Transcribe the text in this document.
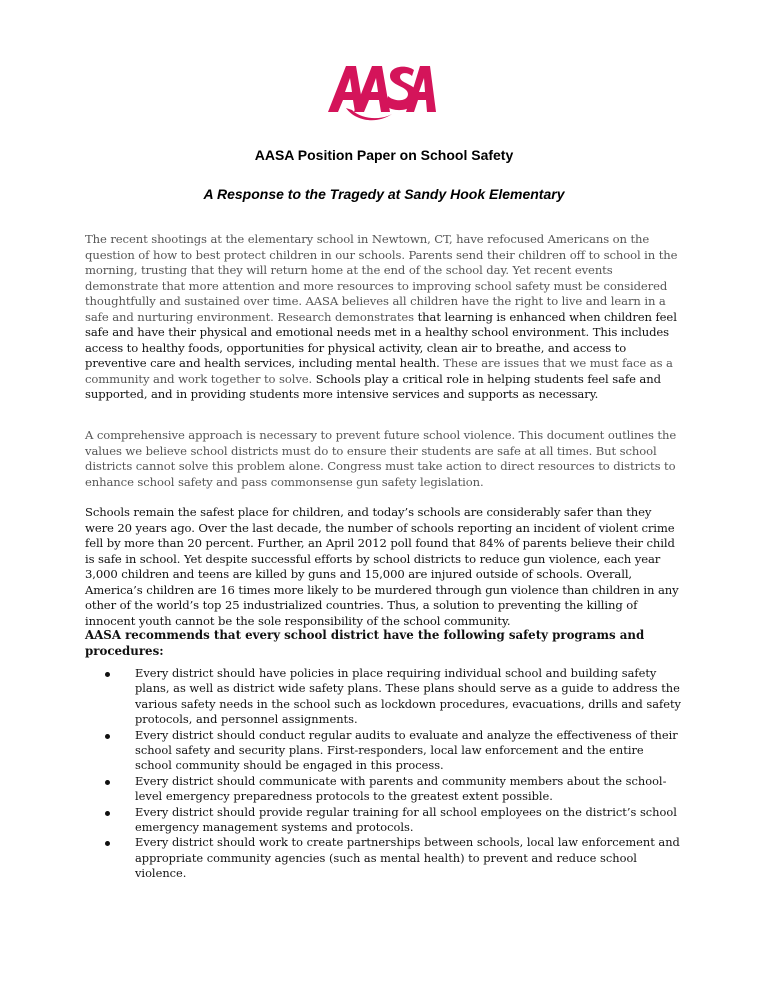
AASA Position Paper on School Safety
A Response to the Tragedy at Sandy Hook Elementary

The recent shootings at the elementary school in Newtown, CT, have refocused Americans on the question of how to best protect children in our schools. Parents send their children off to school in the morning, trusting that they will return home at the end of the school day. Yet recent events demonstrate that more attention and more resources to improving school safety must be considered thoughtfully and sustained over time. AASA believes all children have the right to live and learn in a safe and nurturing environment. Research demonstrates that learning is enhanced when children feel safe and have their physical and emotional needs met in a healthy school environment. This includes access to healthy foods, opportunities for physical activity, clean air to breathe, and access to preventive care and health services, including mental health. These are issues that we must face as a community and work together to solve. Schools play a critical role in helping students feel safe and supported, and in providing students more intensive services and supports as necessary.

A comprehensive approach is necessary to prevent future school violence. This document outlines the values we believe school districts must do to ensure their students are safe at all times. But school districts cannot solve this problem alone. Congress must take action to direct resources to districts to enhance school safety and pass commonsense gun safety legislation.

Schools remain the safest place for children, and today’s schools are considerably safer than they were 20 years ago. Over the last decade, the number of schools reporting an incident of violent crime fell by more than 20 percent. Further, an April 2012 poll found that 84% of parents believe their child is safe in school. Yet despite successful efforts by school districts to reduce gun violence, each year 3,000 children and teens are killed by guns and 15,000 are injured outside of schools. Overall, America’s children are 16 times more likely to be murdered through gun violence than children in any other of the world’s top 25 industrialized countries. Thus, a solution to preventing the killing of innocent youth cannot be the sole responsibility of the school community.

AASA recommends that every school district have the following safety programs and procedures:

Every district should have policies in place requiring individual school and building safety plans, as well as district wide safety plans. These plans should serve as a guide to address the various safety needs in the school such as lockdown procedures, evacuations, drills and safety protocols, and personnel assignments.
Every district should conduct regular audits to evaluate and analyze the effectiveness of their school safety and security plans. First-responders, local law enforcement and the entire school community should be engaged in this process.
Every district should communicate with parents and community members about the school-level emergency preparedness protocols to the greatest extent possible.
Every district should provide regular training for all school employees on the district’s school emergency management systems and protocols.
Every district should work to create partnerships between schools, local law enforcement and appropriate community agencies (such as mental health) to prevent and reduce school violence.
